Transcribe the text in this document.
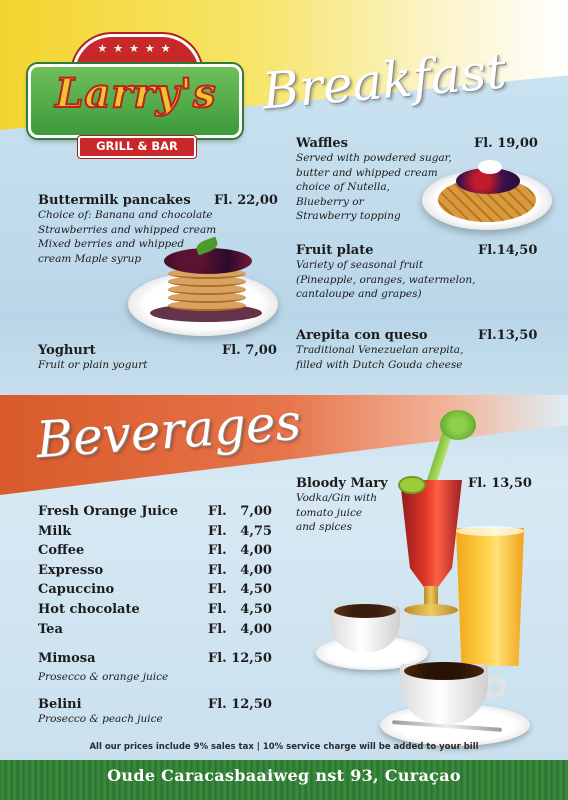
★★★★★
Larry's
GRILL & BAR
Breakfast
Beverages
Waffles	Fl. 19,00
Served with powdered sugar,
butter and whipped cream
choice of Nutella,
Blueberry or
Strawberry topping
Buttermilk pancakes	Fl. 22,00
Choice of: Banana and chocolate
Strawberries and whipped cream
Mixed berries and whipped
cream Maple syrup
Fruit plate	Fl.14,50
Variety of seasonal fruit
(Pineapple, oranges, watermelon,
cantaloupe and grapes)
Arepita con queso	Fl.13,50
Traditional Venezuelan arepita,
filled with Dutch Gouda cheese
Yoghurt	Fl. 7,00
Fruit or plain yogurt
Bloody Mary	Fl. 13,50
Vodka/Gin with
tomato juice
and spices
Fresh Orange Juice Fl.   7,00
Milk	Fl.   4,75
Coffee	Fl.   4,00
Expresso	Fl.   4,00
Capuccino	Fl.   4,50
Hot chocolate	Fl.   4,50
Tea	Fl.   4,00
Mimosa	Fl. 12,50
Prosecco & orange juice
Belini	Fl. 12,50
Prosecco & peach juice
All our prices include 9% sales tax | 10% service charge will be added to your bill
Oude Caracasbaaiweg nst 93, Curaçao
